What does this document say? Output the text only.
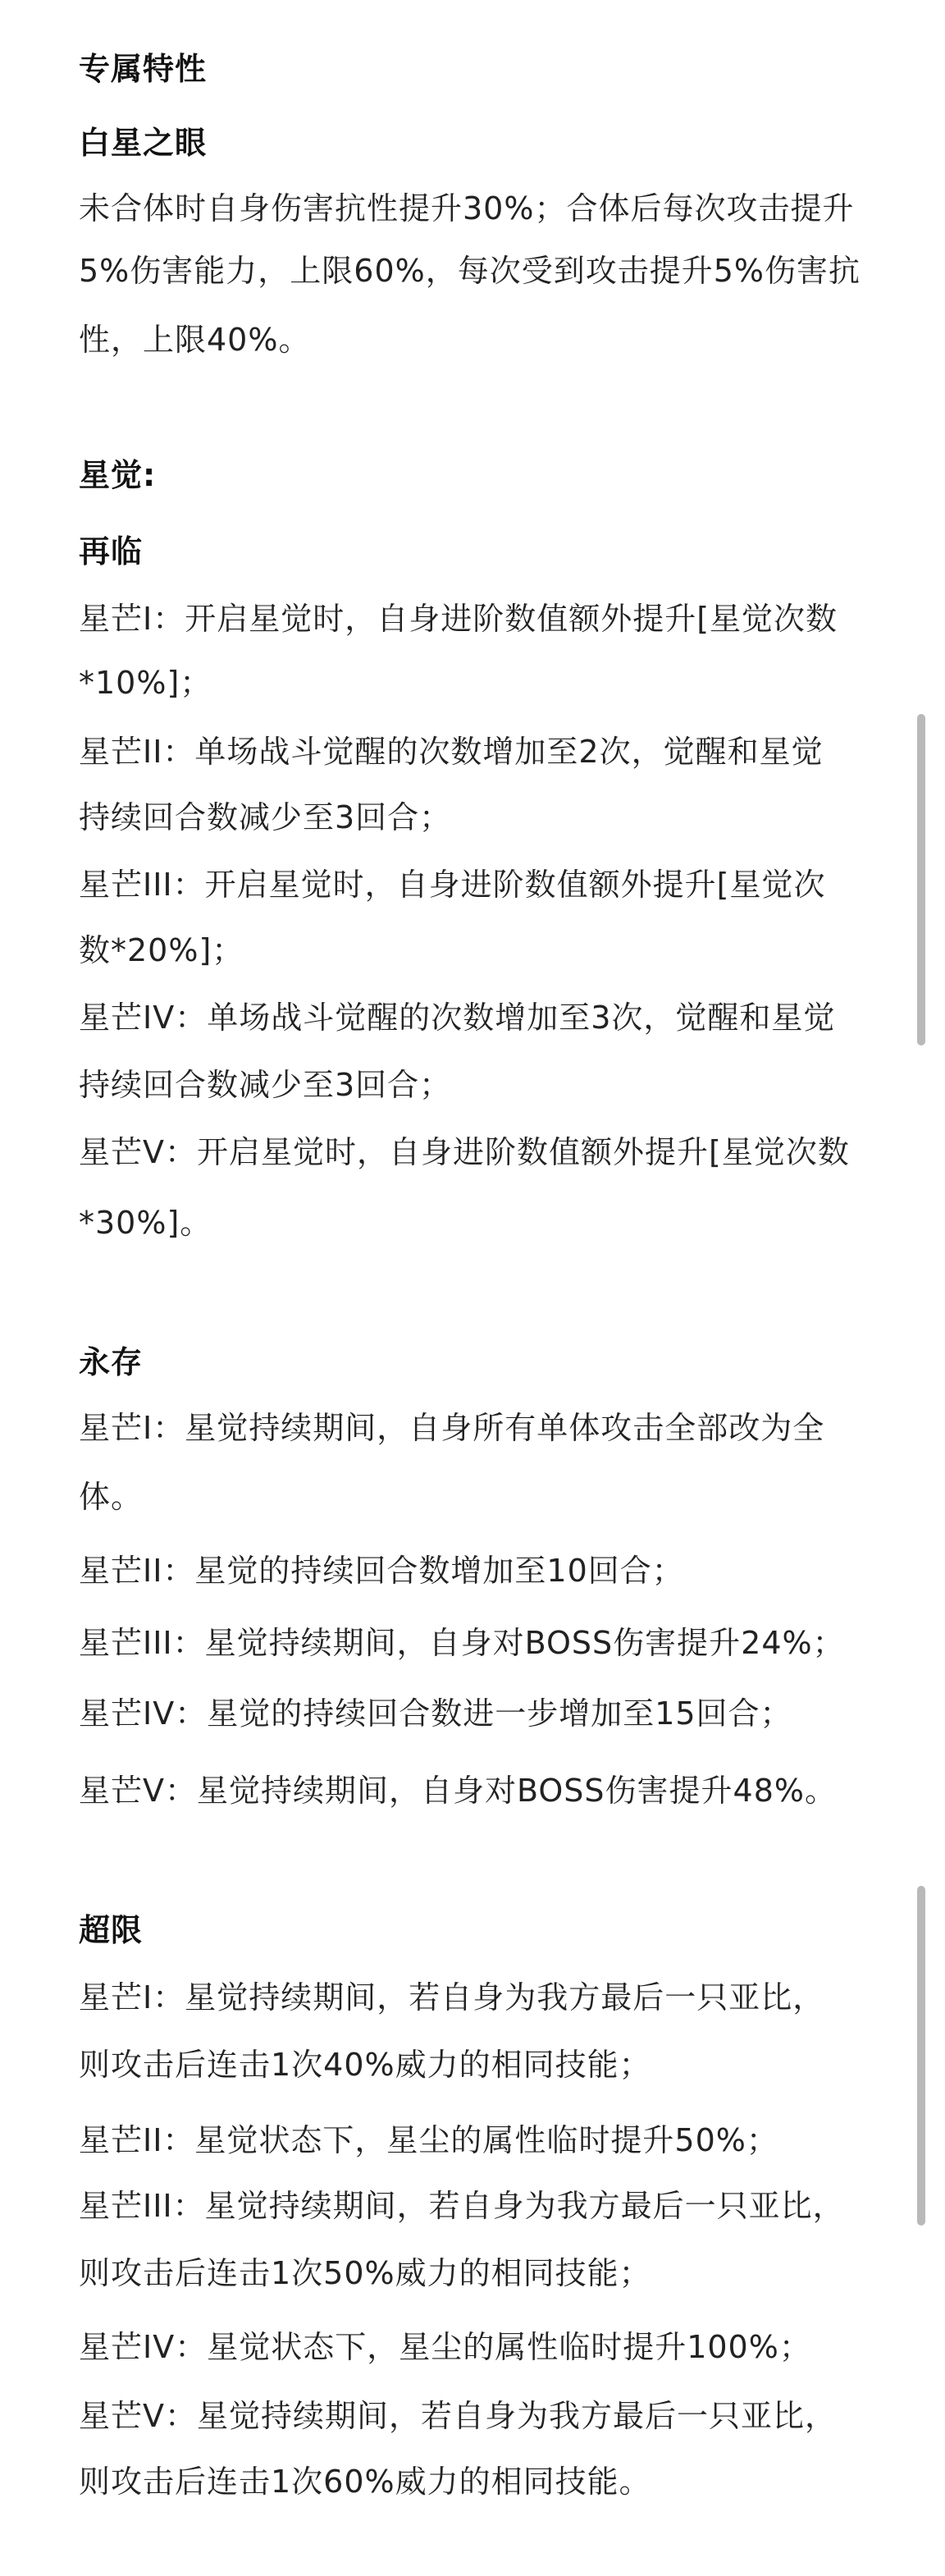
专属特性
白星之眼
未合体时自身伤害抗性提升30%；合体后每次攻击提升
5%伤害能力，上限60%，每次受到攻击提升5%伤害抗
性，上限40%。
星觉:
再临
星芒I：开启星觉时，自身进阶数值额外提升[星觉次数
*10%]；
星芒II：单场战斗觉醒的次数增加至2次，觉醒和星觉
持续回合数减少至3回合；
星芒III：开启星觉时，自身进阶数值额外提升[星觉次
数*20%]；
星芒IV：单场战斗觉醒的次数增加至3次，觉醒和星觉
持续回合数减少至3回合；
星芒V：开启星觉时，自身进阶数值额外提升[星觉次数
*30%]。
永存
星芒I：星觉持续期间，自身所有单体攻击全部改为全
体。
星芒II：星觉的持续回合数增加至10回合；
星芒III：星觉持续期间，自身对BOSS伤害提升24%；
星芒IV：星觉的持续回合数进一步增加至15回合；
星芒V：星觉持续期间，自身对BOSS伤害提升48%。
超限
星芒I：星觉持续期间，若自身为我方最后一只亚比，
则攻击后连击1次40%威力的相同技能；
星芒II：星觉状态下，星尘的属性临时提升50%；
星芒III：星觉持续期间，若自身为我方最后一只亚比，
则攻击后连击1次50%威力的相同技能；
星芒IV：星觉状态下，星尘的属性临时提升100%；
星芒V：星觉持续期间，若自身为我方最后一只亚比，
则攻击后连击1次60%威力的相同技能。
